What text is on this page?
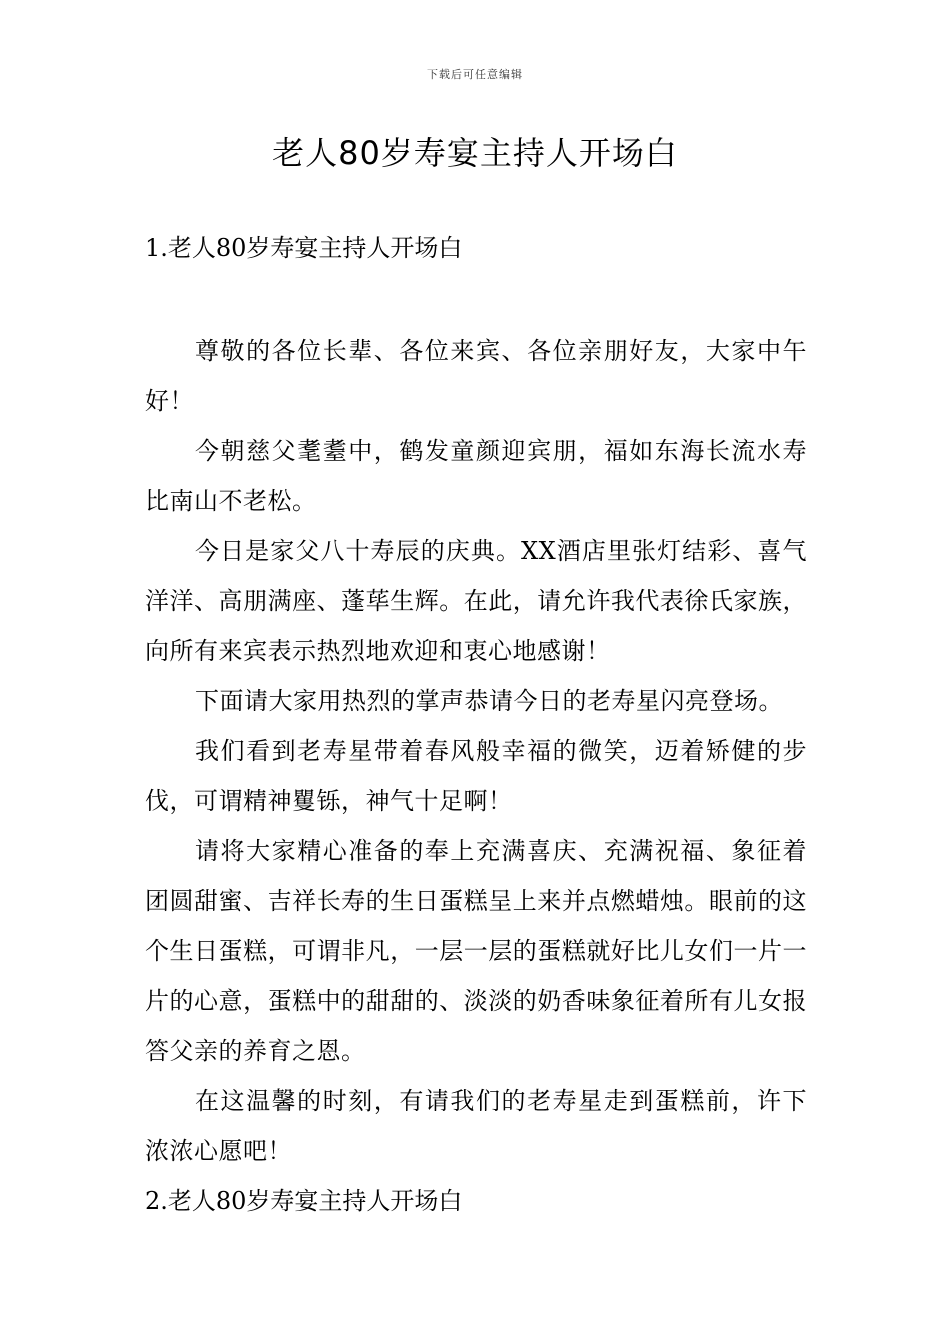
下载后可任意编辑
老人80岁寿宴主持人开场白
1.老人80岁寿宴主持人开场白

尊敬的各位长辈、各位来宾、各位亲朋好友，大家中午好！

今朝慈父耄耋中，鹤发童颜迎宾朋，福如东海长流水寿比南山不老松。

今日是家父八十寿辰的庆典。XX酒店里张灯结彩、喜气洋洋、高朋满座、蓬荜生辉。在此，请允许我代表徐氏家族，向所有来宾表示热烈地欢迎和衷心地感谢！

下面请大家用热烈的掌声恭请今日的老寿星闪亮登场。

我们看到老寿星带着春风般幸福的微笑，迈着矫健的步伐，可谓精神矍铄，神气十足啊！

请将大家精心准备的奉上充满喜庆、充满祝福、象征着团圆甜蜜、吉祥长寿的生日蛋糕呈上来并点燃蜡烛。眼前的这个生日蛋糕，可谓非凡，一层一层的蛋糕就好比儿女们一片一片的心意，蛋糕中的甜甜的、淡淡的奶香味象征着所有儿女报答父亲的养育之恩。

在这温馨的时刻，有请我们的老寿星走到蛋糕前，许下浓浓心愿吧！

2.老人80岁寿宴主持人开场白
